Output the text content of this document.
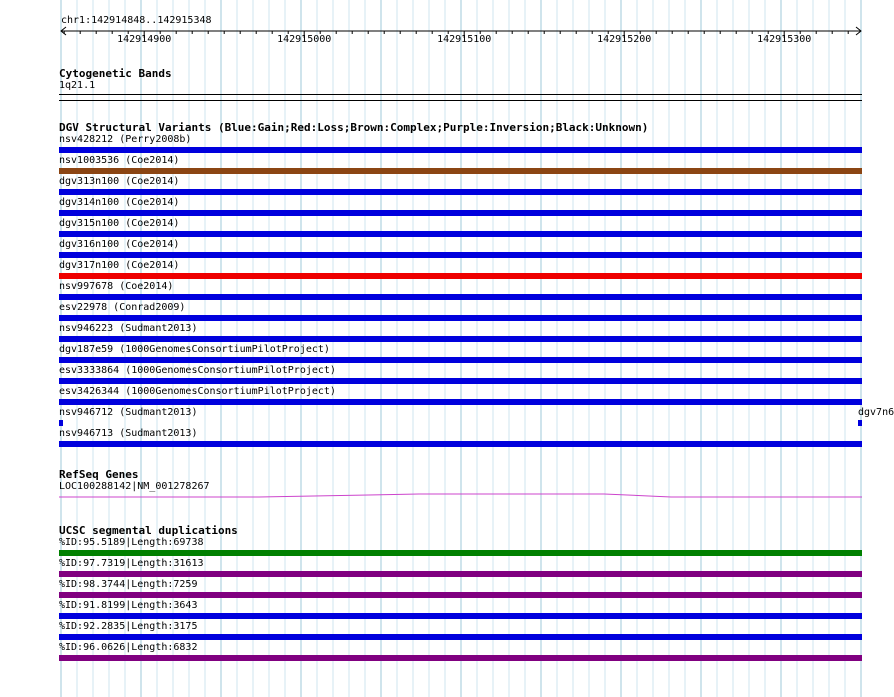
chr1:142914848..142915348
142914900	142915000	142915100	142915200	142915300
Cytogenetic Bands
1q21.1
DGV Structural Variants (Blue:Gain;Red:Loss;Brown:Complex;Purple:Inversion;Black:Unknown)
nsv428212 (Perry2008b)
nsv1003536 (Coe2014)
dgv313n100 (Coe2014)
dgv314n100 (Coe2014)
dgv315n100 (Coe2014)
dgv316n100 (Coe2014)
dgv317n100 (Coe2014)
nsv997678 (Coe2014)
esv22978 (Conrad2009)
nsv946223 (Sudmant2013)
dgv187e59 (1000GenomesConsortiumPilotProject)
esv3333864 (1000GenomesConsortiumPilotProject)
esv3426344 (1000GenomesConsortiumPilotProject)
nsv946712 (Sudmant2013)	dgv7n6
nsv946713 (Sudmant2013)
RefSeq Genes
LOC100288142|NM_001278267
UCSC segmental duplications
%ID:95.5189|Length:69738
%ID:97.7319|Length:31613
%ID:98.3744|Length:7259
%ID:91.8199|Length:3643
%ID:92.2835|Length:3175
%ID:96.0626|Length:6832
